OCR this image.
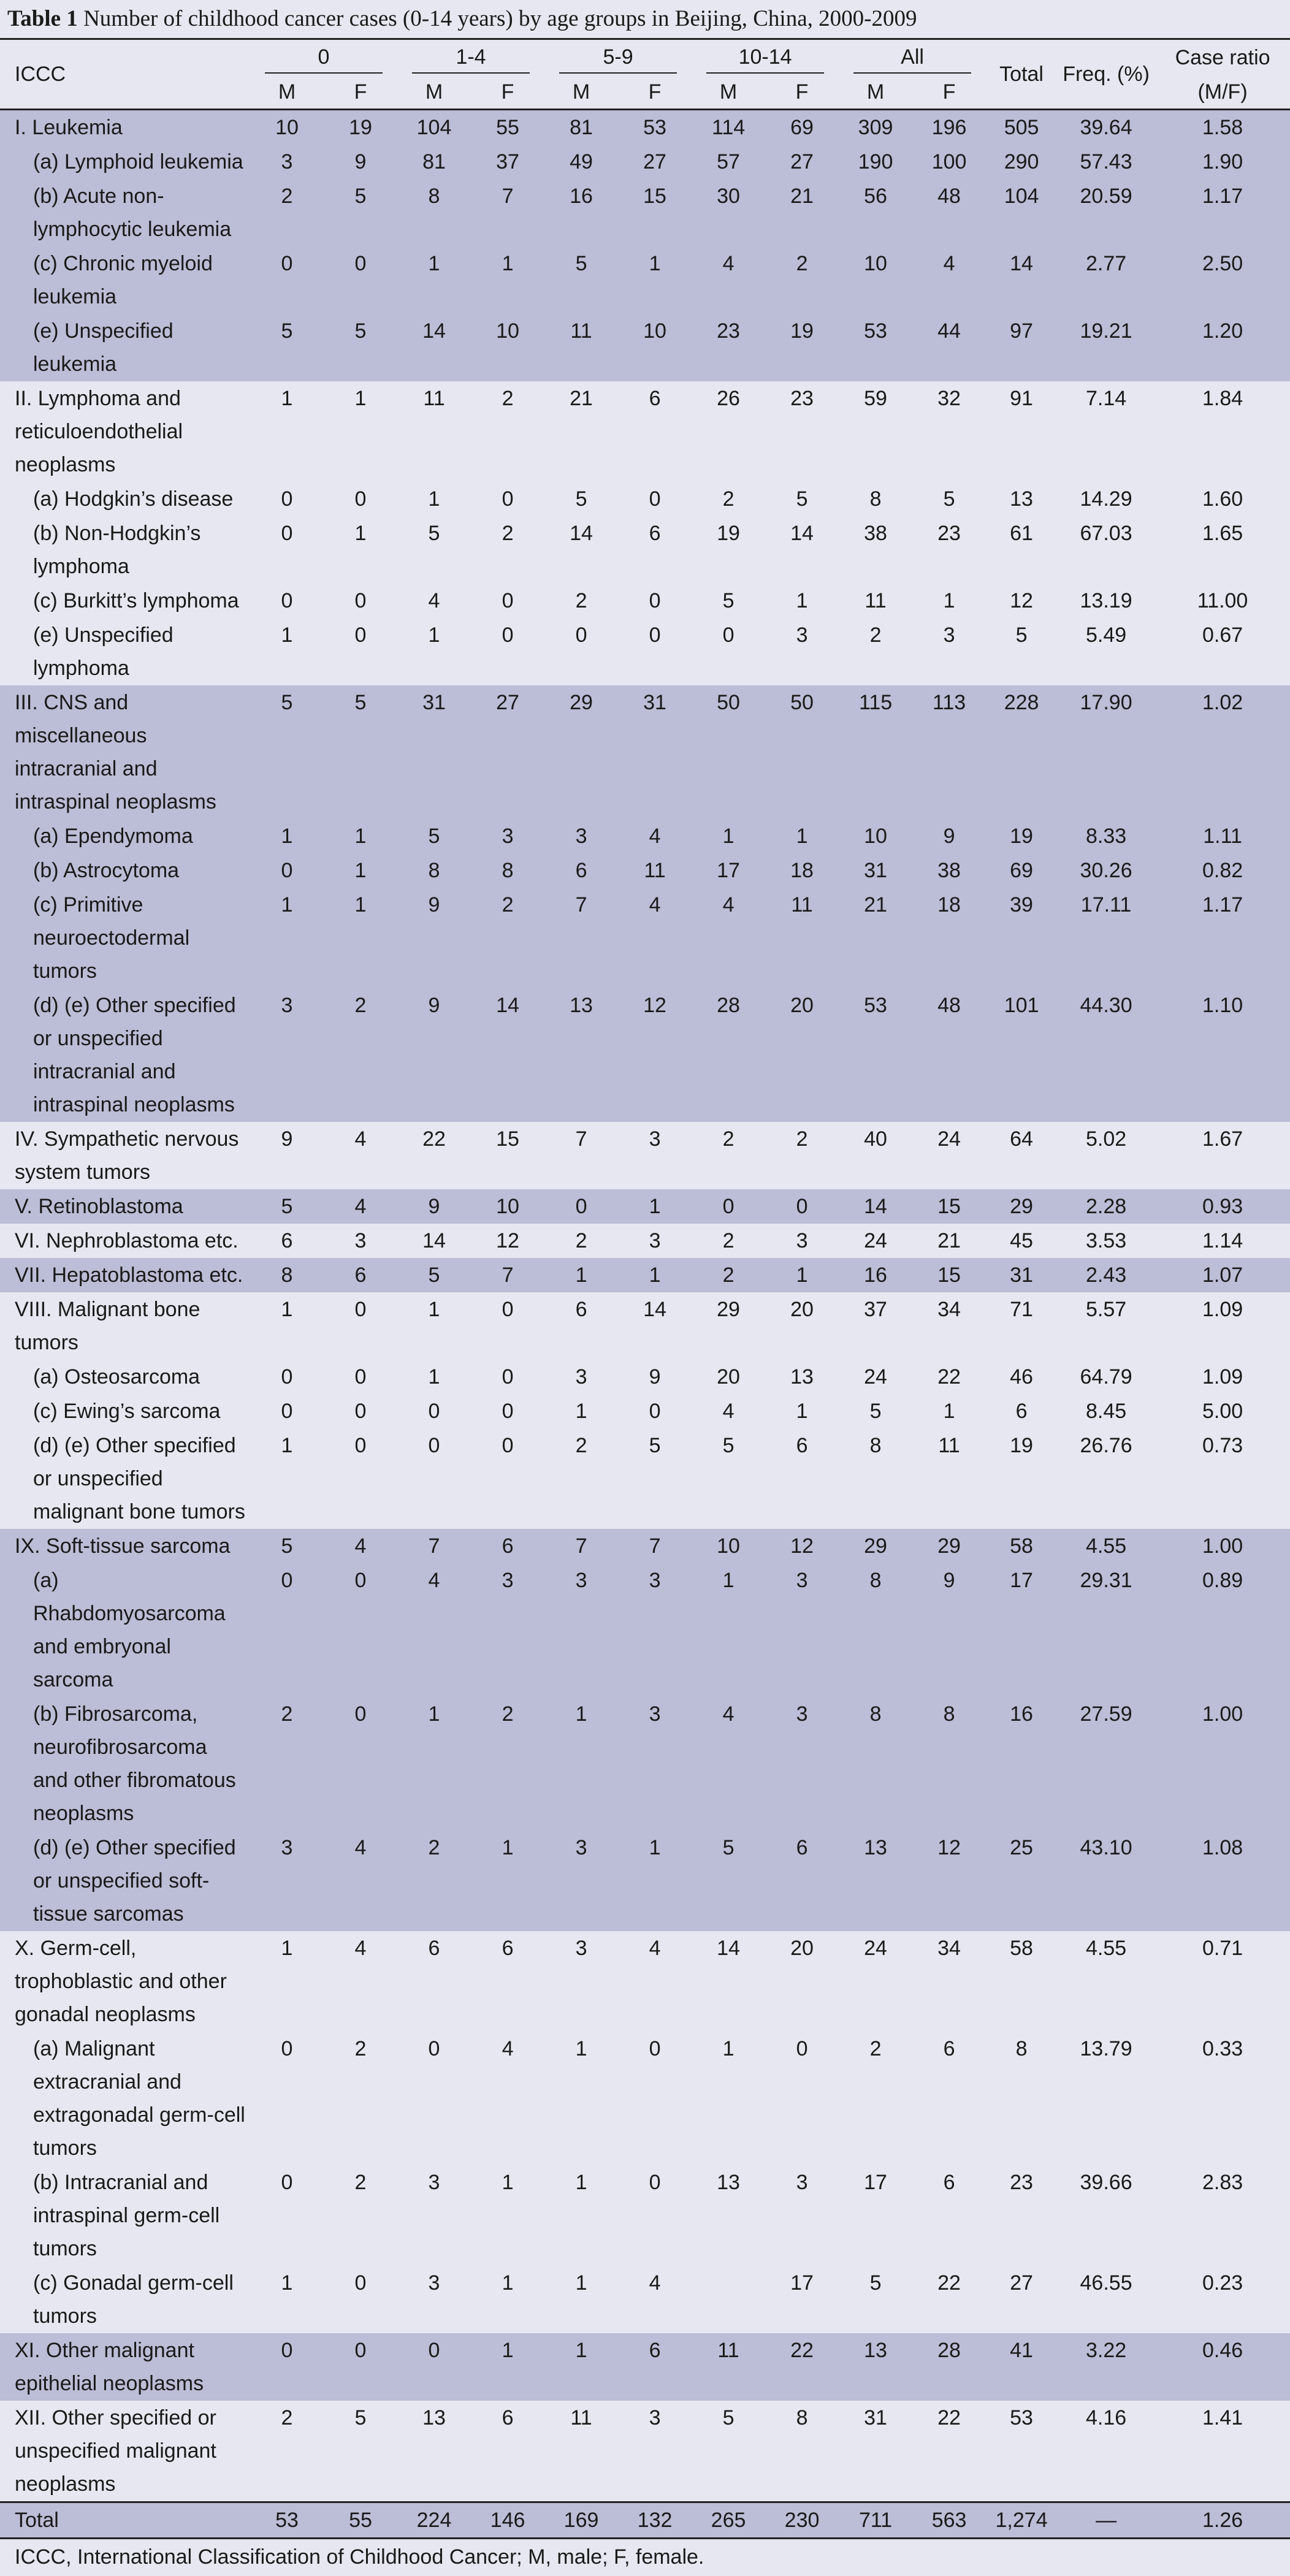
Table 1 Number of childhood cancer cases (0-14 years) by age groups in Beijing, China, 2000-2009
ICCC	0		1-4		5-9		10-14		All		Total	Freq. (%)	Case ratio
	M	F	M	F	M	F	M	F	M	F			(M/F)
I. Leukemia	10	19	104	55	81	53	114	69	309	196	505	39.64	1.58
(a) Lymphoid leukemia	3	9	81	37	49	27	57	27	190	100	290	57.43	1.90
(b) Acute non-lymphocytic leukemia	2	5	8	7	16	15	30	21	56	48	104	20.59	1.17
(c) Chronic myeloid leukemia	0	0	1	1	5	1	4	2	10	4	14	2.77	2.50
(e) Unspecified leukemia	5	5	14	10	11	10	23	19	53	44	97	19.21	1.20
II. Lymphoma and reticuloendothelial neoplasms	1	1	11	2	21	6	26	23	59	32	91	7.14	1.84
(a) Hodgkin’s disease	0	0	1	0	5	0	2	5	8	5	13	14.29	1.60
(b) Non-Hodgkin’s lymphoma	0	1	5	2	14	6	19	14	38	23	61	67.03	1.65
(c) Burkitt’s lymphoma	0	0	4	0	2	0	5	1	11	1	12	13.19	11.00
(e) Unspecified lymphoma	1	0	1	0	0	0	0	3	2	3	5	5.49	0.67
III. CNS and miscellaneous intracranial and intraspinal neoplasms	5	5	31	27	29	31	50	50	115	113	228	17.90	1.02
(a) Ependymoma	1	1	5	3	3	4	1	1	10	9	19	8.33	1.11
(b) Astrocytoma	0	1	8	8	6	11	17	18	31	38	69	30.26	0.82
(c) Primitive neuroectodermal tumors	1	1	9	2	7	4	4	11	21	18	39	17.11	1.17
(d) (e) Other specified or unspecified intracranial and intraspinal neoplasms	3	2	9	14	13	12	28	20	53	48	101	44.30	1.10
IV. Sympathetic nervous system tumors	9	4	22	15	7	3	2	2	40	24	64	5.02	1.67
V. Retinoblastoma	5	4	9	10	0	1	0	0	14	15	29	2.28	0.93
VI. Nephroblastoma etc.	6	3	14	12	2	3	2	3	24	21	45	3.53	1.14
VII. Hepatoblastoma etc.	8	6	5	7	1	1	2	1	16	15	31	2.43	1.07
VIII. Malignant bone tumors	1	0	1	0	6	14	29	20	37	34	71	5.57	1.09
(a) Osteosarcoma	0	0	1	0	3	9	20	13	24	22	46	64.79	1.09
(c) Ewing’s sarcoma	0	0	0	0	1	0	4	1	5	1	6	8.45	5.00
(d) (e) Other specified or unspecified malignant bone tumors	1	0	0	0	2	5	5	6	8	11	19	26.76	0.73
IX. Soft-tissue sarcoma	5	4	7	6	7	7	10	12	29	29	58	4.55	1.00
(a) Rhabdomyosarcoma and embryonal sarcoma	0	0	4	3	3	3	1	3	8	9	17	29.31	0.89
(b) Fibrosarcoma, neurofibrosarcoma and other fibromatous neoplasms	2	0	1	2	1	3	4	3	8	8	16	27.59	1.00
(d) (e) Other specified or unspecified soft-tissue sarcomas	3	4	2	1	3	1	5	6	13	12	25	43.10	1.08
X. Germ-cell, trophoblastic and other gonadal neoplasms	1	4	6	6	3	4	14	20	24	34	58	4.55	0.71
(a) Malignant extracranial and extragonadal germ-cell tumors	0	2	0	4	1	0	1	0	2	6	8	13.79	0.33
(b) Intracranial and intraspinal germ-cell tumors	0	2	3	1	1	0	13	3	17	6	23	39.66	2.83
(c) Gonadal germ-cell tumors	1	0	3	1	1	4		17	5	22	27	46.55	0.23
XI. Other malignant epithelial neoplasms	0	0	0	1	1	6	11	22	13	28	41	3.22	0.46
XII. Other specified or unspecified malignant neoplasms	2	5	13	6	11	3	5	8	31	22	53	4.16	1.41
Total	53	55	224	146	169	132	265	230	711	563	1,274	—	1.26
ICCC, International Classification of Childhood Cancer; M, male; F, female.
